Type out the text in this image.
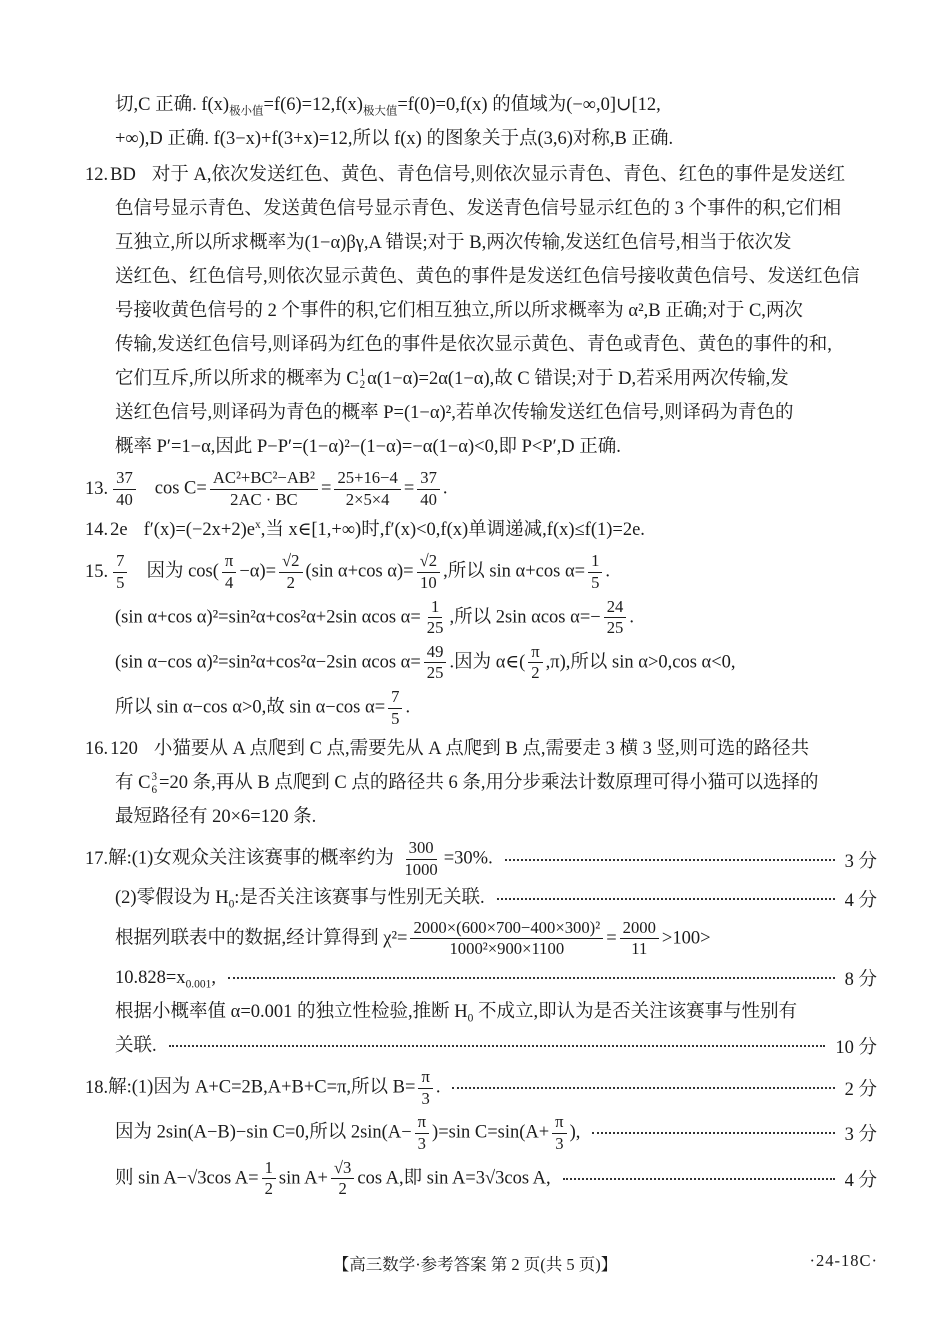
切,C 正确. $f(x)_{极小值}=f(6)=12,f(x)_{极大值}=f(0)=0,f(x)$ 的值域为(−∞,0]∪[12,
+∞),D 正确. f(3−x)+f(3+x)=12,所以 f(x) 的图象关于点(3,6)对称,B 正确.
12. BD 对于 A,依次发送红色、黄色、青色信号,则依次显示青色、青色、红色的事件是发送红
色信号显示青色、发送黄色信号显示青色、发送青色信号显示红色的 3 个事件的积,它们相
互独立,所以所求概率为(1−α)βγ,A 错误;对于 B,两次传输,发送红色信号,相当于依次发
送红色、红色信号,则依次显示黄色、黄色的事件是发送红色信号接收黄色信号、发送红色信
号接收黄色信号的 2 个事件的积,它们相互独立,所以所求概率为 α²,B 正确;对于 C,两次
传输,发送红色信号,则译码为红色的事件是依次显示黄色、青色或青色、黄色的事件的和,
它们互斥,所以所求的概率为 C 1
2 α(1−α)=2α(1−α),故 C 错误;对于 D,若采用两次传输,发
送红色信号,则译码为青色的概率 P=(1−α)²,若单次传输发送红色信号,则译码为青色的
概率 P′=1−α,因此 P−P′=(1−α)²−(1−α)=−α(1−α)<0,即 P<P′,D 正确.
13. $\frac{37}{40}$ $\cos C= \frac{\text{AC²+BC²−AB²}}{2AC \cdot BC} = \frac{25+16-4}{2\times 5\times 4} = \frac{37}{40}$ .
14. 2e $f'(x)=(-2x+2)e^x$,当 x∈[1,+∞)时,f′(x)<0,f(x)单调递减,f(x)≤f(1)=2e.
15. $\frac{7}{5}$ 因为 $\cos( \frac{\pi}{4} -\alpha)= \frac{√2}{2} (\sin$ α+cos $\alpha)= \frac{√2}{10}$ ,所以 sin α+cos $\alpha= \frac{1}{5}$ .
(sin α+cos α)²=sin²α+cos²α+2sin αcos $\alpha= \frac{1}{25}$ ,所以 2sin αcos $\alpha=- \frac{24}{25}$ .
(sin α−cos α)²=sin²α+cos²α−2sin αcos $\alpha= \frac{49}{25}$ .因为 α∈( $\frac{\pi}{2} ,\pi$),所以 sin α>0,cos α<0,
所以 sin α−cos α>0,故 sin α−cos $\alpha= \frac{7}{5}$ .
16. 120 小猫要从 A 点爬到 C 点,需要先从 A 点爬到 B 点,需要走 3 横 3 竖,则可选的路径共
有 C 3
6 =20 条,再从 B 点爬到 C 点的路径共 6 条,用分步乘法计数原理可得小猫可以选择的
最短路径有 20×6=120 条.
17. 解:(1)女观众关注该赛事的概率约为 $\frac{300}{1000} =30\%$.	3 分
(2)零假设为 $H_0$:是否关注该赛事与性别无关联.	4 分
根据列联表中的数据,经计算得到 $\chi^2= \frac{\text{2000×(600×700−400×300)²}}{\text{1000²×900×1100}} = \frac{2000}{11} >100>$
$10.828=x_{0.001}$,	8 分
根据小概率值 α=0.001 的独立性检验,推断 $H_0$ 不成立,即认为是否关注该赛事与性别有
关联.	10 分
18. 解:(1)因为 A+C=2B,A+B+C=π,所以 $B= \frac{\pi}{3}$ .	2 分
因为 2sin(A−B)−sin C=0,所以 $2\sin(A- \frac{\pi}{3} )=\sin$ $C=\sin(A+ \frac{\pi}{3}$ ),	3 分
则 sin A−√3cos $A= \frac{1}{2}$ $\sin A+ \frac{√3}{2}$ cos A,即 sin A=3√3cos A,	4 分
【高三数学·参考答案 第 2 页(共 5 页)】	·24-18C·
